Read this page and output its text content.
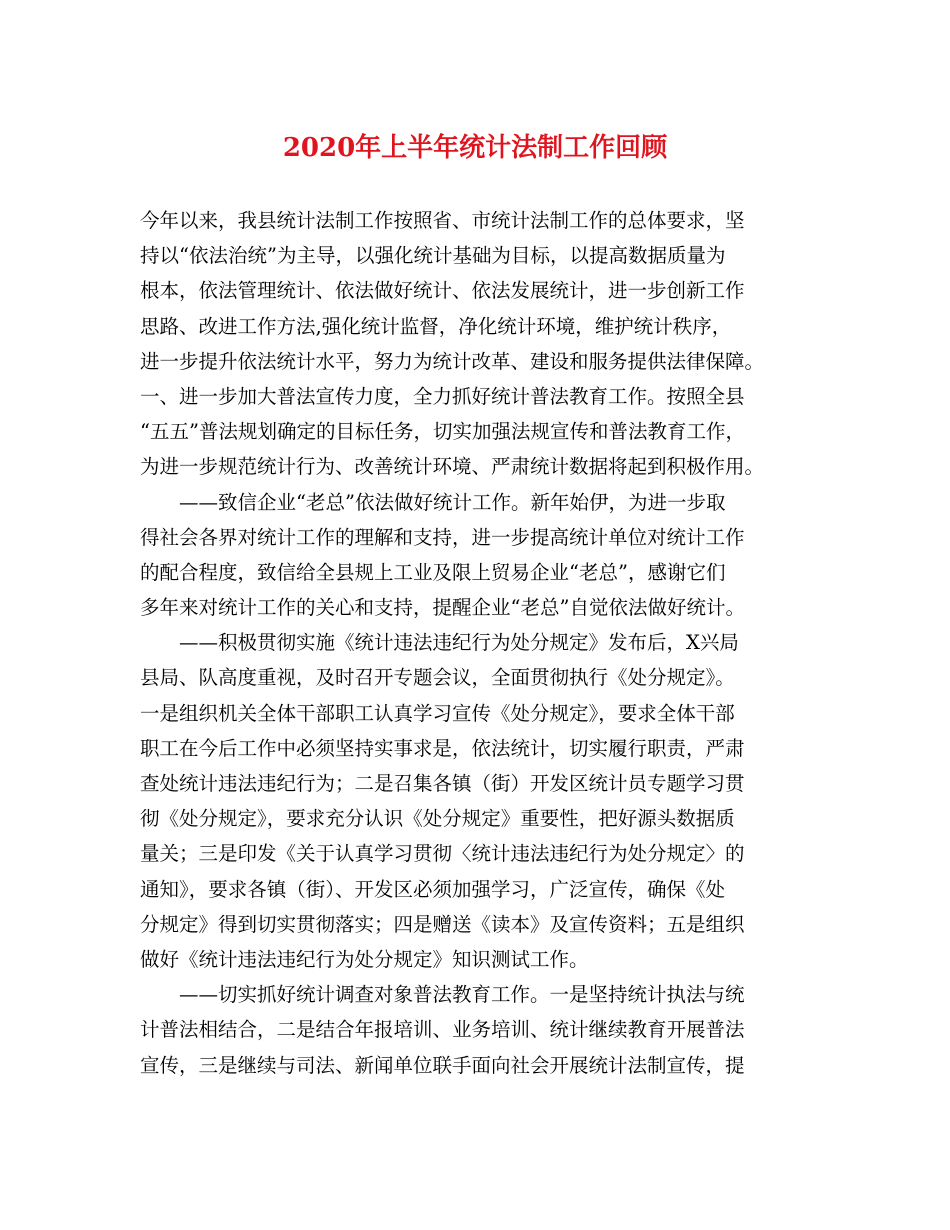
2020年上半年统计法制工作回顾
今年以来，我县统计法制工作按照省、市统计法制工作的总体要求，坚
持以“依法治统”为主导，以强化统计基础为目标，以提高数据质量为
根本，依法管理统计、依法做好统计、依法发展统计，进一步创新工作
思路、改进工作方法,强化统计监督，净化统计环境，维护统计秩序，
进一步提升依法统计水平，努力为统计改革、建设和服务提供法律保障。
一、进一步加大普法宣传力度，全力抓好统计普法教育工作。按照全县
“五五”普法规划确定的目标任务，切实加强法规宣传和普法教育工作，
为进一步规范统计行为、改善统计环境、严肃统计数据将起到积极作用。
——致信企业“老总”依法做好统计工作。新年始伊，为进一步取
得社会各界对统计工作的理解和支持，进一步提高统计单位对统计工作
的配合程度，致信给全县规上工业及限上贸易企业“老总”，感谢它们
多年来对统计工作的关心和支持，提醒企业“老总”自觉依法做好统计。
——积极贯彻实施《统计违法违纪行为处分规定》发布后，X兴局
县局、队高度重视，及时召开专题会议，全面贯彻执行《处分规定》。
一是组织机关全体干部职工认真学习宣传《处分规定》，要求全体干部
职工在今后工作中必须坚持实事求是，依法统计，切实履行职责，严肃
查处统计违法违纪行为；二是召集各镇（街）开发区统计员专题学习贯
彻《处分规定》，要求充分认识《处分规定》重要性，把好源头数据质
量关；三是印发《关于认真学习贯彻〈统计违法违纪行为处分规定〉的
通知》，要求各镇（街）、开发区必须加强学习，广泛宣传，确保《处
分规定》得到切实贯彻落实；四是赠送《读本》及宣传资料；五是组织
做好《统计违法违纪行为处分规定》知识测试工作。
——切实抓好统计调查对象普法教育工作。一是坚持统计执法与统
计普法相结合，二是结合年报培训、业务培训、统计继续教育开展普法
宣传，三是继续与司法、新闻单位联手面向社会开展统计法制宣传，提
